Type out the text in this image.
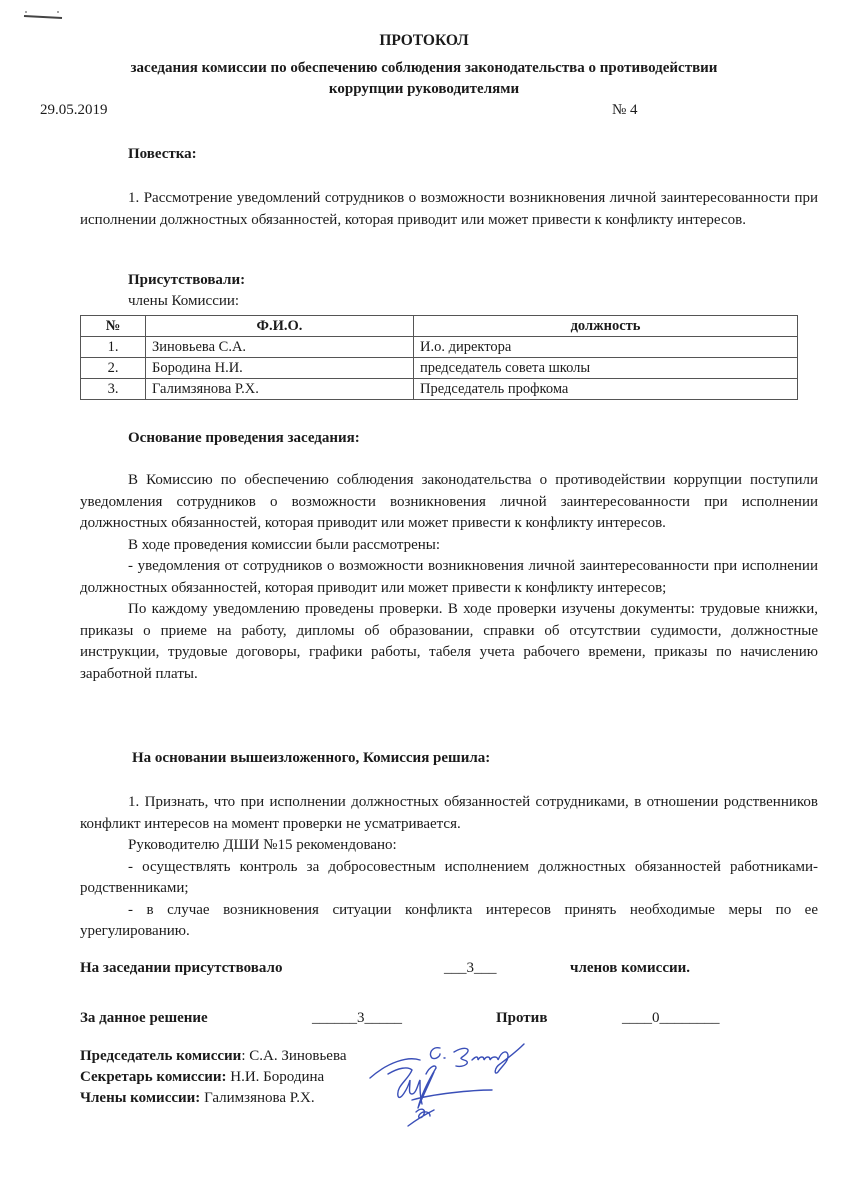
ПРОТОКОЛ
заседания комиссии по обеспечению соблюдения законодательства о противодействии
коррупции руководителями
29.05.2019	№ 4
Повестка:

1. Рассмотрение уведомлений сотрудников о возможности возникновения личной заинтересованности при исполнении должностных обязанностей, которая приводит или может привести к конфликту интересов.

Присутствовали:
члены Комиссии:
№	Ф.И.О.	должность
1.	Зиновьева С.А.	И.о. директора
2.	Бородина Н.И.	председатель совета школы
3.	Галимзянова Р.Х.	Председатель профкома
Основание проведения заседания:

В Комиссию по обеспечению соблюдения законодательства о противодействии коррупции поступили уведомления сотрудников о возможности возникновения личной заинтересованности при исполнении должностных обязанностей, которая приводит или может привести к конфликту интересов.

В ходе проведения комиссии были рассмотрены:

- уведомления от сотрудников о возможности возникновения личной заинтересованности при исполнении должностных обязанностей, которая приводит или может привести к конфликту интересов;

По каждому уведомлению проведены проверки. В ходе проверки изучены документы: трудовые книжки, приказы о приеме на работу, дипломы об образовании, справки об отсутствии судимости, должностные инструкции, трудовые договоры, графики работы, табеля учета рабочего времени, приказы по начислению заработной платы.

На основании вышеизложенного, Комиссия решила:

1. Признать, что при исполнении должностных обязанностей сотрудниками, в отношении родственников конфликт интересов на момент проверки не усматривается.

Руководителю ДШИ №15 рекомендовано:

- осуществлять контроль за добросовестным исполнением должностных обязанностей работниками-родственниками;

- в случае возникновения ситуации конфликта интересов принять необходимые меры по ее урегулированию.

На заседании присутствовало	___3___	членов комиссии.
За данное решение	______3_____	Против	____0________
Председатель комиссии: С.А. Зиновьева
Секретарь комиссии: Н.И. Бородина
Члены комиссии: Галимзянова Р.Х.
